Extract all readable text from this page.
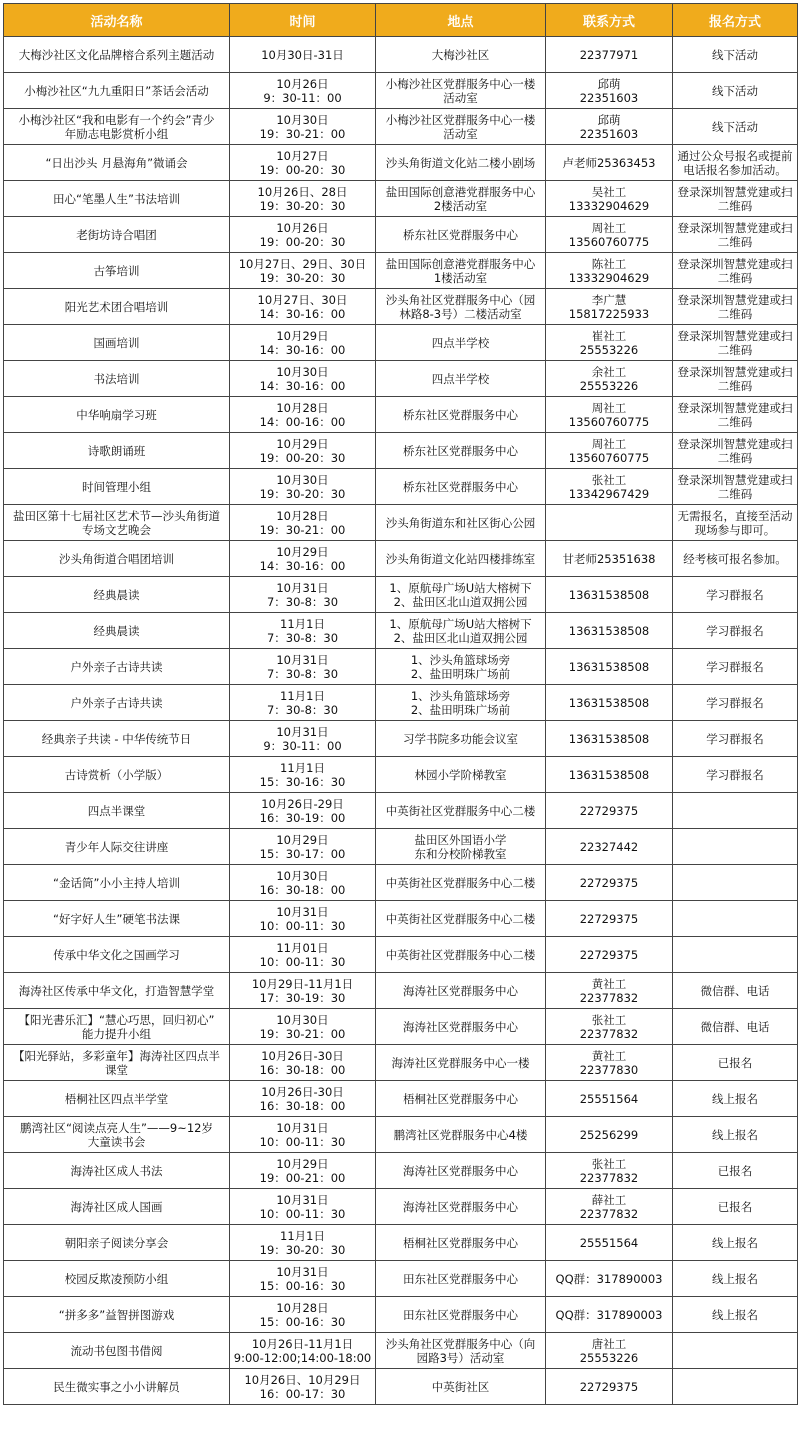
活动名称	时间	地点	联系方式	报名方式
大梅沙社区文化品牌榕合系列主题活动	10月30日-31日	大梅沙社区	22377971	线下活动
小梅沙社区“九九重阳日”茶话会活动	10月26日
9：30-11：00	小梅沙社区党群服务中心一楼
活动室	邱萌
22351603	线下活动
小梅沙社区“我和电影有一个约会”青少
年励志电影赏析小组	10月30日
19：30-21：00	小梅沙社区党群服务中心一楼
活动室	邱萌
22351603	线下活动
“日出沙头 月悬海角”微诵会	10月27日
19：00-20：30	沙头角街道文化站二楼小剧场	卢老师25363453	通过公众号报名或提前
电话报名参加活动。
田心“笔墨人生”书法培训	10月26日、28日
19：30-20：30	盐田国际创意港党群服务中心
2楼活动室	吴社工
13332904629	登录深圳智慧党建或扫
二维码
老街坊诗合唱团	10月26日
19：00-20：30	桥东社区党群服务中心	周社工
13560760775	登录深圳智慧党建或扫
二维码
古筝培训	10月27日、29日、30日
19：30-20：30	盐田国际创意港党群服务中心
1楼活动室	陈社工
13332904629	登录深圳智慧党建或扫
二维码
阳光艺术团合唱培训	10月27日、30日
14：30-16：00	沙头角社区党群服务中心（园
林路8-3号）二楼活动室	李广慧
15817225933	登录深圳智慧党建或扫
二维码
国画培训	10月29日
14：30-16：00	四点半学校	崔社工
25553226	登录深圳智慧党建或扫
二维码
书法培训	10月30日
14：30-16：00	四点半学校	余社工
25553226	登录深圳智慧党建或扫
二维码
中华响扇学习班	10月28日
14：00-16：00	桥东社区党群服务中心	周社工
13560760775	登录深圳智慧党建或扫
二维码
诗歌朗诵班	10月29日
19：00-20：30	桥东社区党群服务中心	周社工
13560760775	登录深圳智慧党建或扫
二维码
时间管理小组	10月30日
19：30-20：30	桥东社区党群服务中心	张社工
13342967429	登录深圳智慧党建或扫
二维码
盐田区第十七届社区艺术节—沙头角街道
专场文艺晚会	10月28日
19：30-21：00	沙头角街道东和社区街心公园		无需报名，直接至活动
现场参与即可。
沙头角街道合唱团培训	10月29日
14：30-16：00	沙头角街道文化站四楼排练室	甘老师25351638	经考核可报名参加。
经典晨读	10月31日
7：30-8：30	1、原航母广场U站大榕树下
2、盐田区北山道双拥公园	13631538508	学习群报名
经典晨读	11月1日
7：30-8：30	1、原航母广场U站大榕树下
2、盐田区北山道双拥公园	13631538508	学习群报名
户外亲子古诗共读	10月31日
7：30-8：30	1、沙头角篮球场旁
2、盐田明珠广场前	13631538508	学习群报名
户外亲子古诗共读	11月1日
7：30-8：30	1、沙头角篮球场旁
2、盐田明珠广场前	13631538508	学习群报名
经典亲子共读 - 中华传统节日	10月31日
9：30-11：00	习学书院多功能会议室	13631538508	学习群报名
古诗赏析（小学版）	11月1日
15：30-16：30	林园小学阶梯教室	13631538508	学习群报名
四点半课堂	10月26日-29日
16：30-19：00	中英街社区党群服务中心二楼	22729375	
青少年人际交往讲座	10月29日
15：30-17：00	盐田区外国语小学
东和分校阶梯教室	22327442	
“金话筒”小小主持人培训	10月30日
16：30-18：00	中英街社区党群服务中心二楼	22729375	
“好字好人生”硬笔书法课	10月31日
10：00-11：30	中英街社区党群服务中心二楼	22729375	
传承中华文化之国画学习	11月01日
10：00-11：30	中英街社区党群服务中心二楼	22729375	
海涛社区传承中华文化，打造智慧学堂	10月29日-11月1日
17：30-19：30	海涛社区党群服务中心	黄社工
22377832	微信群、电话
【阳光書乐汇】“慧心巧思，回归初心”
能力提升小组	10月30日
19：30-21：00	海涛社区党群服务中心	张社工
22377832	微信群、电话
【阳光驿站，多彩童年】海涛社区四点半
课堂	10月26日-30日
16：30-18：00	海涛社区党群服务中心一楼	黄社工
22377830	已报名
梧桐社区四点半学堂	10月26日-30日
16：30-18：00	梧桐社区党群服务中心	25551564	线上报名
鹏湾社区“阅读点亮人生”——9~12岁
大童读书会	10月31日
10：00-11：30	鹏湾社区党群服务中心4楼	25256299	线上报名
海涛社区成人书法	10月29日
19：00-21：00	海涛社区党群服务中心	张社工
22377832	已报名
海涛社区成人国画	10月31日
10：00-11：30	海涛社区党群服务中心	薛社工
22377832	已报名
朝阳亲子阅读分享会	11月1日
19：30-20：30	梧桐社区党群服务中心	25551564	线上报名
校园反欺凌预防小组	10月31日
15：00-16：30	田东社区党群服务中心	QQ群：317890003	线上报名
“拼多多”益智拼图游戏	10月28日
15：00-16：30	田东社区党群服务中心	QQ群：317890003	线上报名
流动书包图书借阅	10月26日-11月1日
9:00-12:00;14:00-18:00	沙头角社区党群服务中心（向
园路3号）活动室	唐社工
25553226	
民生微实事之小小讲解员	10月26日、10月29日
16：00-17：30	中英街社区	22729375	
